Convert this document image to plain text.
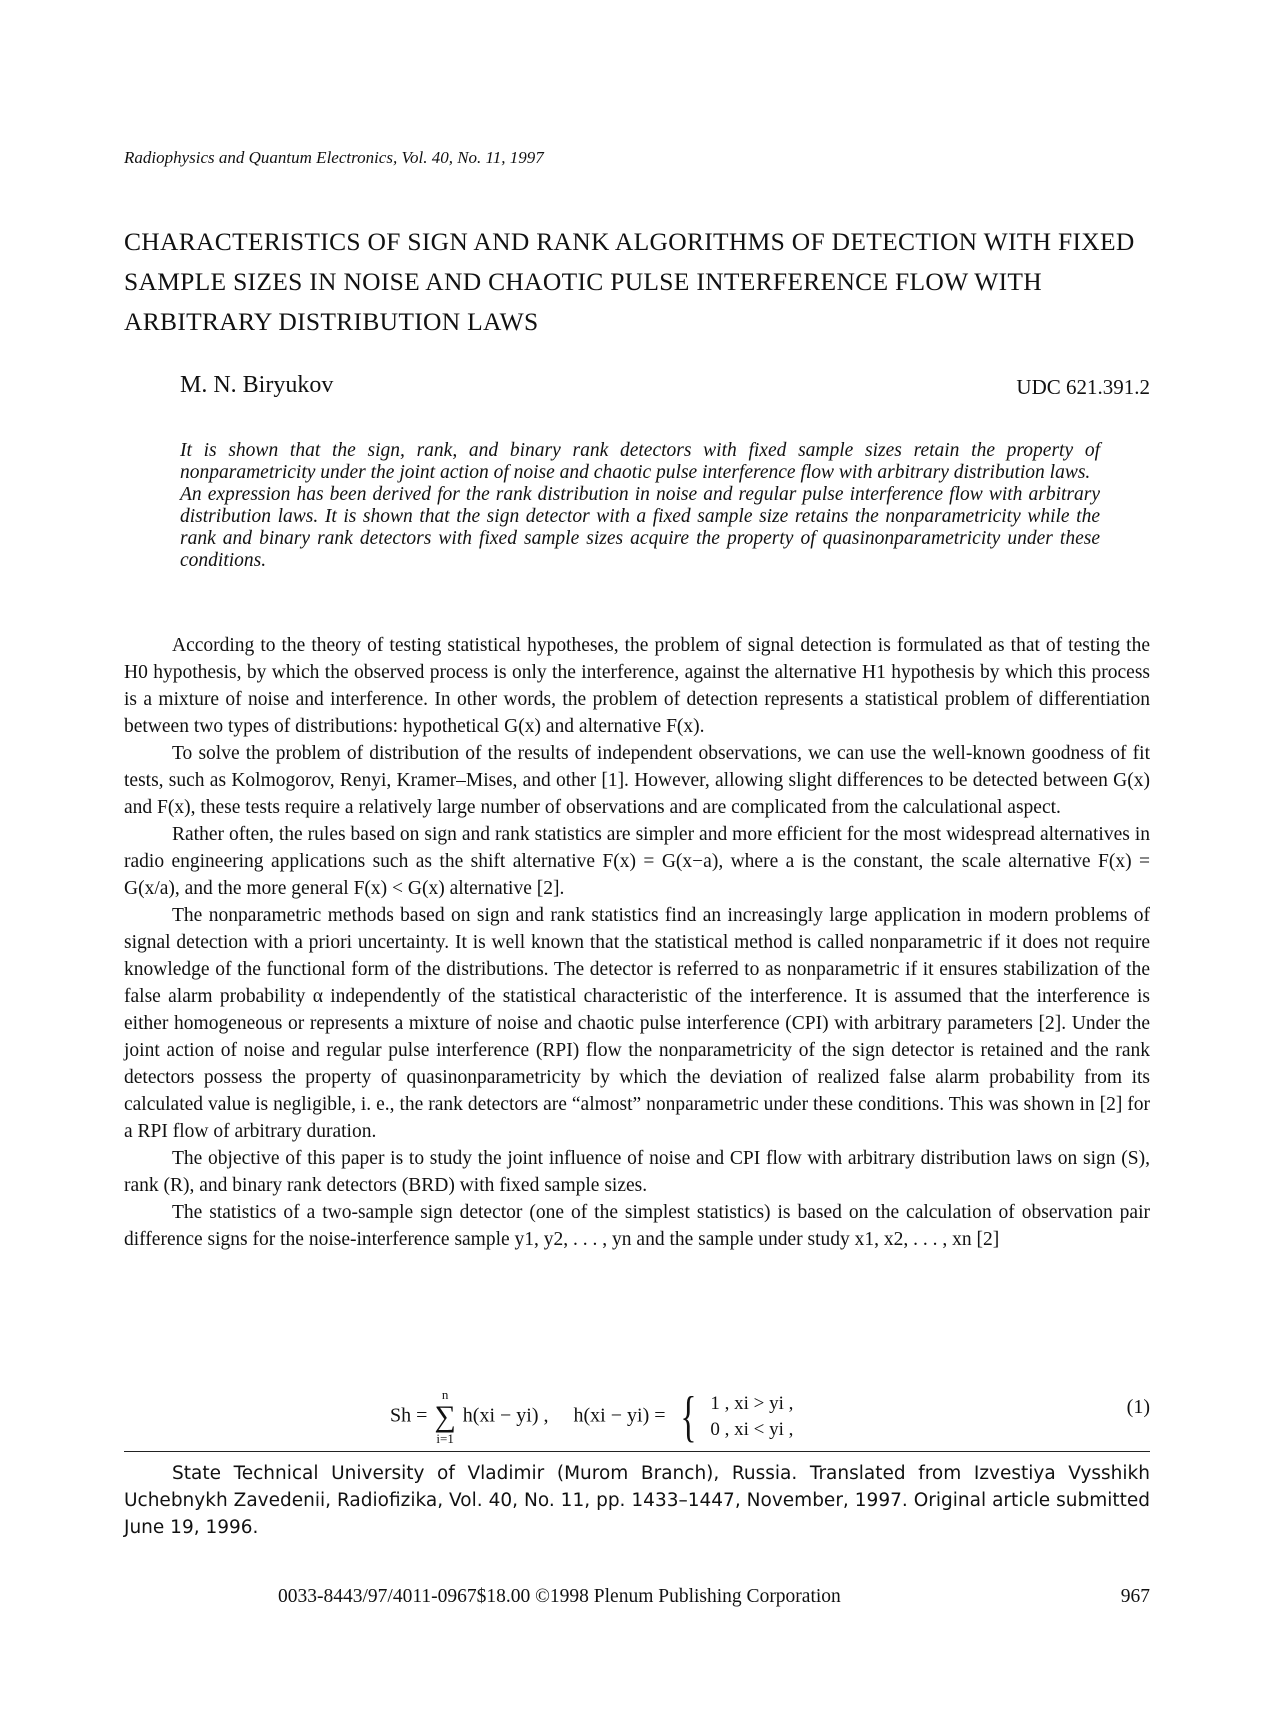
Radiophysics and Quantum Electronics, Vol. 40, No. 11, 1997
CHARACTERISTICS OF SIGN AND RANK ALGORITHMS OF DETECTION WITH FIXED SAMPLE SIZES IN NOISE AND CHAOTIC PULSE INTERFERENCE FLOW WITH ARBITRARY DISTRIBUTION LAWS
M. N. Biryukov	UDC 621.391.2

It is shown that the sign, rank, and binary rank detectors with fixed sample sizes retain the property of nonparametricity under the joint action of noise and chaotic pulse interference flow with arbitrary distribution laws.

An expression has been derived for the rank distribution in noise and regular pulse interference flow with arbitrary distribution laws. It is shown that the sign detector with a fixed sample size retains the nonparametricity while the rank and binary rank detectors with fixed sample sizes acquire the property of quasinonparametricity under these conditions.

According to the theory of testing statistical hypotheses, the problem of signal detection is formulated as that of testing the H0 hypothesis, by which the observed process is only the interference, against the alternative H1 hypothesis by which this process is a mixture of noise and interference. In other words, the problem of detection represents a statistical problem of differentiation between two types of distributions: hypothetical G(x) and alternative F(x).

To solve the problem of distribution of the results of independent observations, we can use the well-known goodness of fit tests, such as Kolmogorov, Renyi, Kramer–Mises, and other [1]. However, allowing slight differences to be detected between G(x) and F(x), these tests require a relatively large number of observations and are complicated from the calculational aspect.

Rather often, the rules based on sign and rank statistics are simpler and more efficient for the most widespread alternatives in radio engineering applications such as the shift alternative F(x) = G(x−a), where a is the constant, the scale alternative F(x) = G(x/a), and the more general F(x) < G(x) alternative [2].

The nonparametric methods based on sign and rank statistics find an increasingly large application in modern problems of signal detection with a priori uncertainty. It is well known that the statistical method is called nonparametric if it does not require knowledge of the functional form of the distributions. The detector is referred to as nonparametric if it ensures stabilization of the false alarm probability α independently of the statistical characteristic of the interference. It is assumed that the interference is either homogeneous or represents a mixture of noise and chaotic pulse interference (CPI) with arbitrary parameters [2]. Under the joint action of noise and regular pulse interference (RPI) flow the nonparametricity of the sign detector is retained and the rank detectors possess the property of quasinonparametricity by which the deviation of realized false alarm probability from its calculated value is negligible, i. e., the rank detectors are “almost” nonparametric under these conditions. This was shown in [2] for a RPI flow of arbitrary duration.

The objective of this paper is to study the joint influence of noise and CPI flow with arbitrary distribution laws on sign (S), rank (R), and binary rank detectors (BRD) with fixed sample sizes.

The statistics of a two-sample sign detector (one of the simplest statistics) is based on the calculation of observation pair difference signs for the noise-interference sample y1, y2, . . . , yn and the sample under study x1, x2, . . . , xn [2]

Sh =
n
∑
i=1
h(xi − yi) , h(xi − yi) = { 1 , xi > yi ,
0 , xi < yi ,
(1)
State Technical University of Vladimir (Murom Branch), Russia. Translated from Izvestiya Vysshikh Uchebnykh Zavedenii, Radiofizika, Vol. 40, No. 11, pp. 1433–1447, November, 1997. Original article submitted June 19, 1996.
0033-8443/97/4011-0967$18.00 ©1998 Plenum Publishing Corporation	967
